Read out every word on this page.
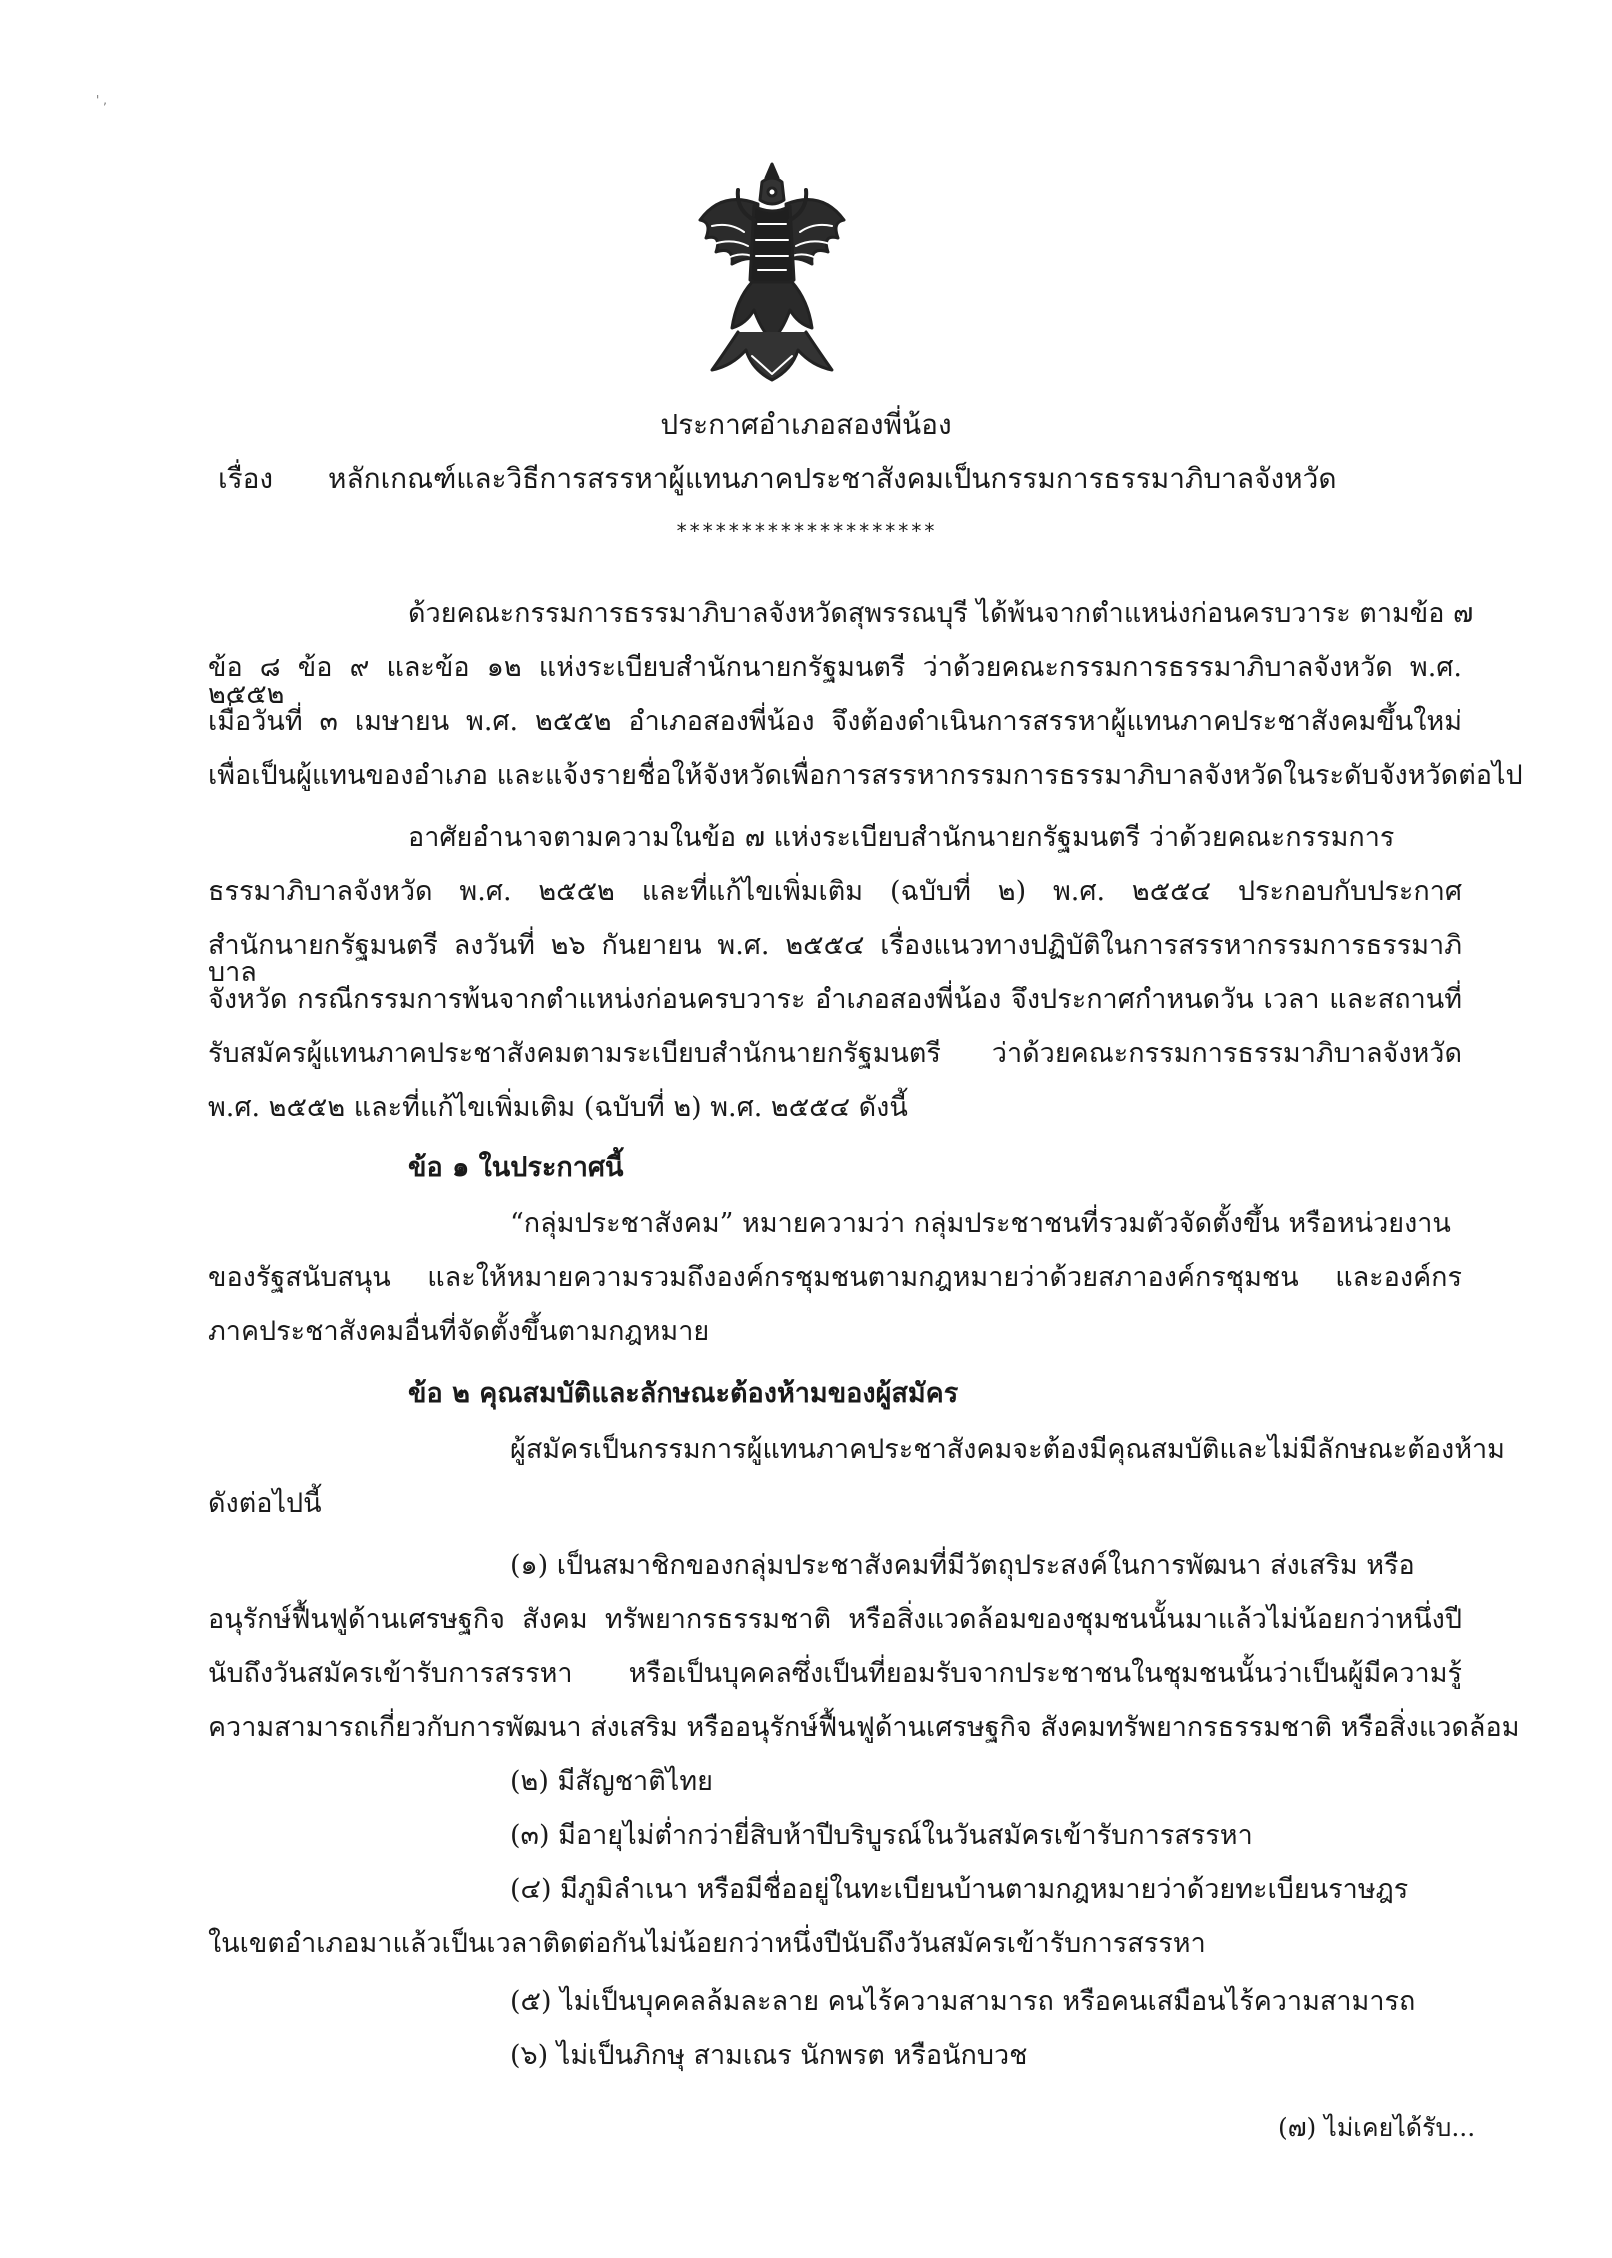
' ,
ประกาศอำเภอสองพี่น้อง
เรื่อง หลักเกณฑ์และวิธีการสรรหาผู้แทนภาคประชาสังคมเป็นกรรมการธรรมาภิบาลจังหวัด
********************
ด้วยคณะกรรมการธรรมาภิบาลจังหวัดสุพรรณบุรี ได้พ้นจากตำแหน่งก่อนครบวาระ ตามข้อ ๗
ข้อ ๘ ข้อ ๙ และข้อ ๑๒ แห่งระเบียบสำนักนายกรัฐมนตรี ว่าด้วยคณะกรรมการธรรมาภิบาลจังหวัด พ.ศ. ๒๕๕๒
เมื่อวันที่ ๓ เมษายน พ.ศ. ๒๕๕๒ อำเภอสองพี่น้อง จึงต้องดำเนินการสรรหาผู้แทนภาคประชาสังคมขึ้นใหม่
เพื่อเป็นผู้แทนของอำเภอ และแจ้งรายชื่อให้จังหวัดเพื่อการสรรหากรรมการธรรมาภิบาลจังหวัดในระดับจังหวัดต่อไป
อาศัยอำนาจตามความในข้อ ๗ แห่งระเบียบสำนักนายกรัฐมนตรี ว่าด้วยคณะกรรมการ
ธรรมาภิบาลจังหวัด พ.ศ. ๒๕๕๒ และที่แก้ไขเพิ่มเติม (ฉบับที่ ๒) พ.ศ. ๒๕๕๔ ประกอบกับประกาศ
สำนักนายกรัฐมนตรี ลงวันที่ ๒๖ กันยายน พ.ศ. ๒๕๕๔ เรื่องแนวทางปฏิบัติในการสรรหากรรมการธรรมาภิบาล
จังหวัด กรณีกรรมการพ้นจากตำแหน่งก่อนครบวาระ อำเภอสองพี่น้อง จึงประกาศกำหนดวัน เวลา และสถานที่
รับสมัครผู้แทนภาคประชาสังคมตามระเบียบสำนักนายกรัฐมนตรี ว่าด้วยคณะกรรมการธรรมาภิบาลจังหวัด
พ.ศ. ๒๕๕๒ และที่แก้ไขเพิ่มเติม (ฉบับที่ ๒) พ.ศ. ๒๕๕๔ ดังนี้
ข้อ ๑ ในประกาศนี้
“กลุ่มประชาสังคม” หมายความว่า กลุ่มประชาชนที่รวมตัวจัดตั้งขึ้น หรือหน่วยงาน
ของรัฐสนับสนุน และให้หมายความรวมถึงองค์กรชุมชนตามกฎหมายว่าด้วยสภาองค์กรชุมชน และองค์กร
ภาคประชาสังคมอื่นที่จัดตั้งขึ้นตามกฎหมาย
ข้อ ๒ คุณสมบัติและลักษณะต้องห้ามของผู้สมัคร
ผู้สมัครเป็นกรรมการผู้แทนภาคประชาสังคมจะต้องมีคุณสมบัติและไม่มีลักษณะต้องห้าม
ดังต่อไปนี้
(๑) เป็นสมาชิกของกลุ่มประชาสังคมที่มีวัตถุประสงค์ในการพัฒนา ส่งเสริม หรือ
อนุรักษ์ฟื้นฟูด้านเศรษฐกิจ สังคม ทรัพยากรธรรมชาติ หรือสิ่งแวดล้อมของชุมชนนั้นมาแล้วไม่น้อยกว่าหนึ่งปี
นับถึงวันสมัครเข้ารับการสรรหา หรือเป็นบุคคลซึ่งเป็นที่ยอมรับจากประชาชนในชุมชนนั้นว่าเป็นผู้มีความรู้
ความสามารถเกี่ยวกับการพัฒนา ส่งเสริม หรืออนุรักษ์ฟื้นฟูด้านเศรษฐกิจ สังคมทรัพยากรธรรมชาติ หรือสิ่งแวดล้อม
(๒) มีสัญชาติไทย
(๓) มีอายุไม่ต่ำกว่ายี่สิบห้าปีบริบูรณ์ในวันสมัครเข้ารับการสรรหา
(๔) มีภูมิลำเนา หรือมีชื่ออยู่ในทะเบียนบ้านตามกฎหมายว่าด้วยทะเบียนราษฎร
ในเขตอำเภอมาแล้วเป็นเวลาติดต่อกันไม่น้อยกว่าหนึ่งปีนับถึงวันสมัครเข้ารับการสรรหา
(๕) ไม่เป็นบุคคลล้มละลาย คนไร้ความสามารถ หรือคนเสมือนไร้ความสามารถ
(๖) ไม่เป็นภิกษุ สามเณร นักพรต หรือนักบวช
(๗) ไม่เคยได้รับ...
